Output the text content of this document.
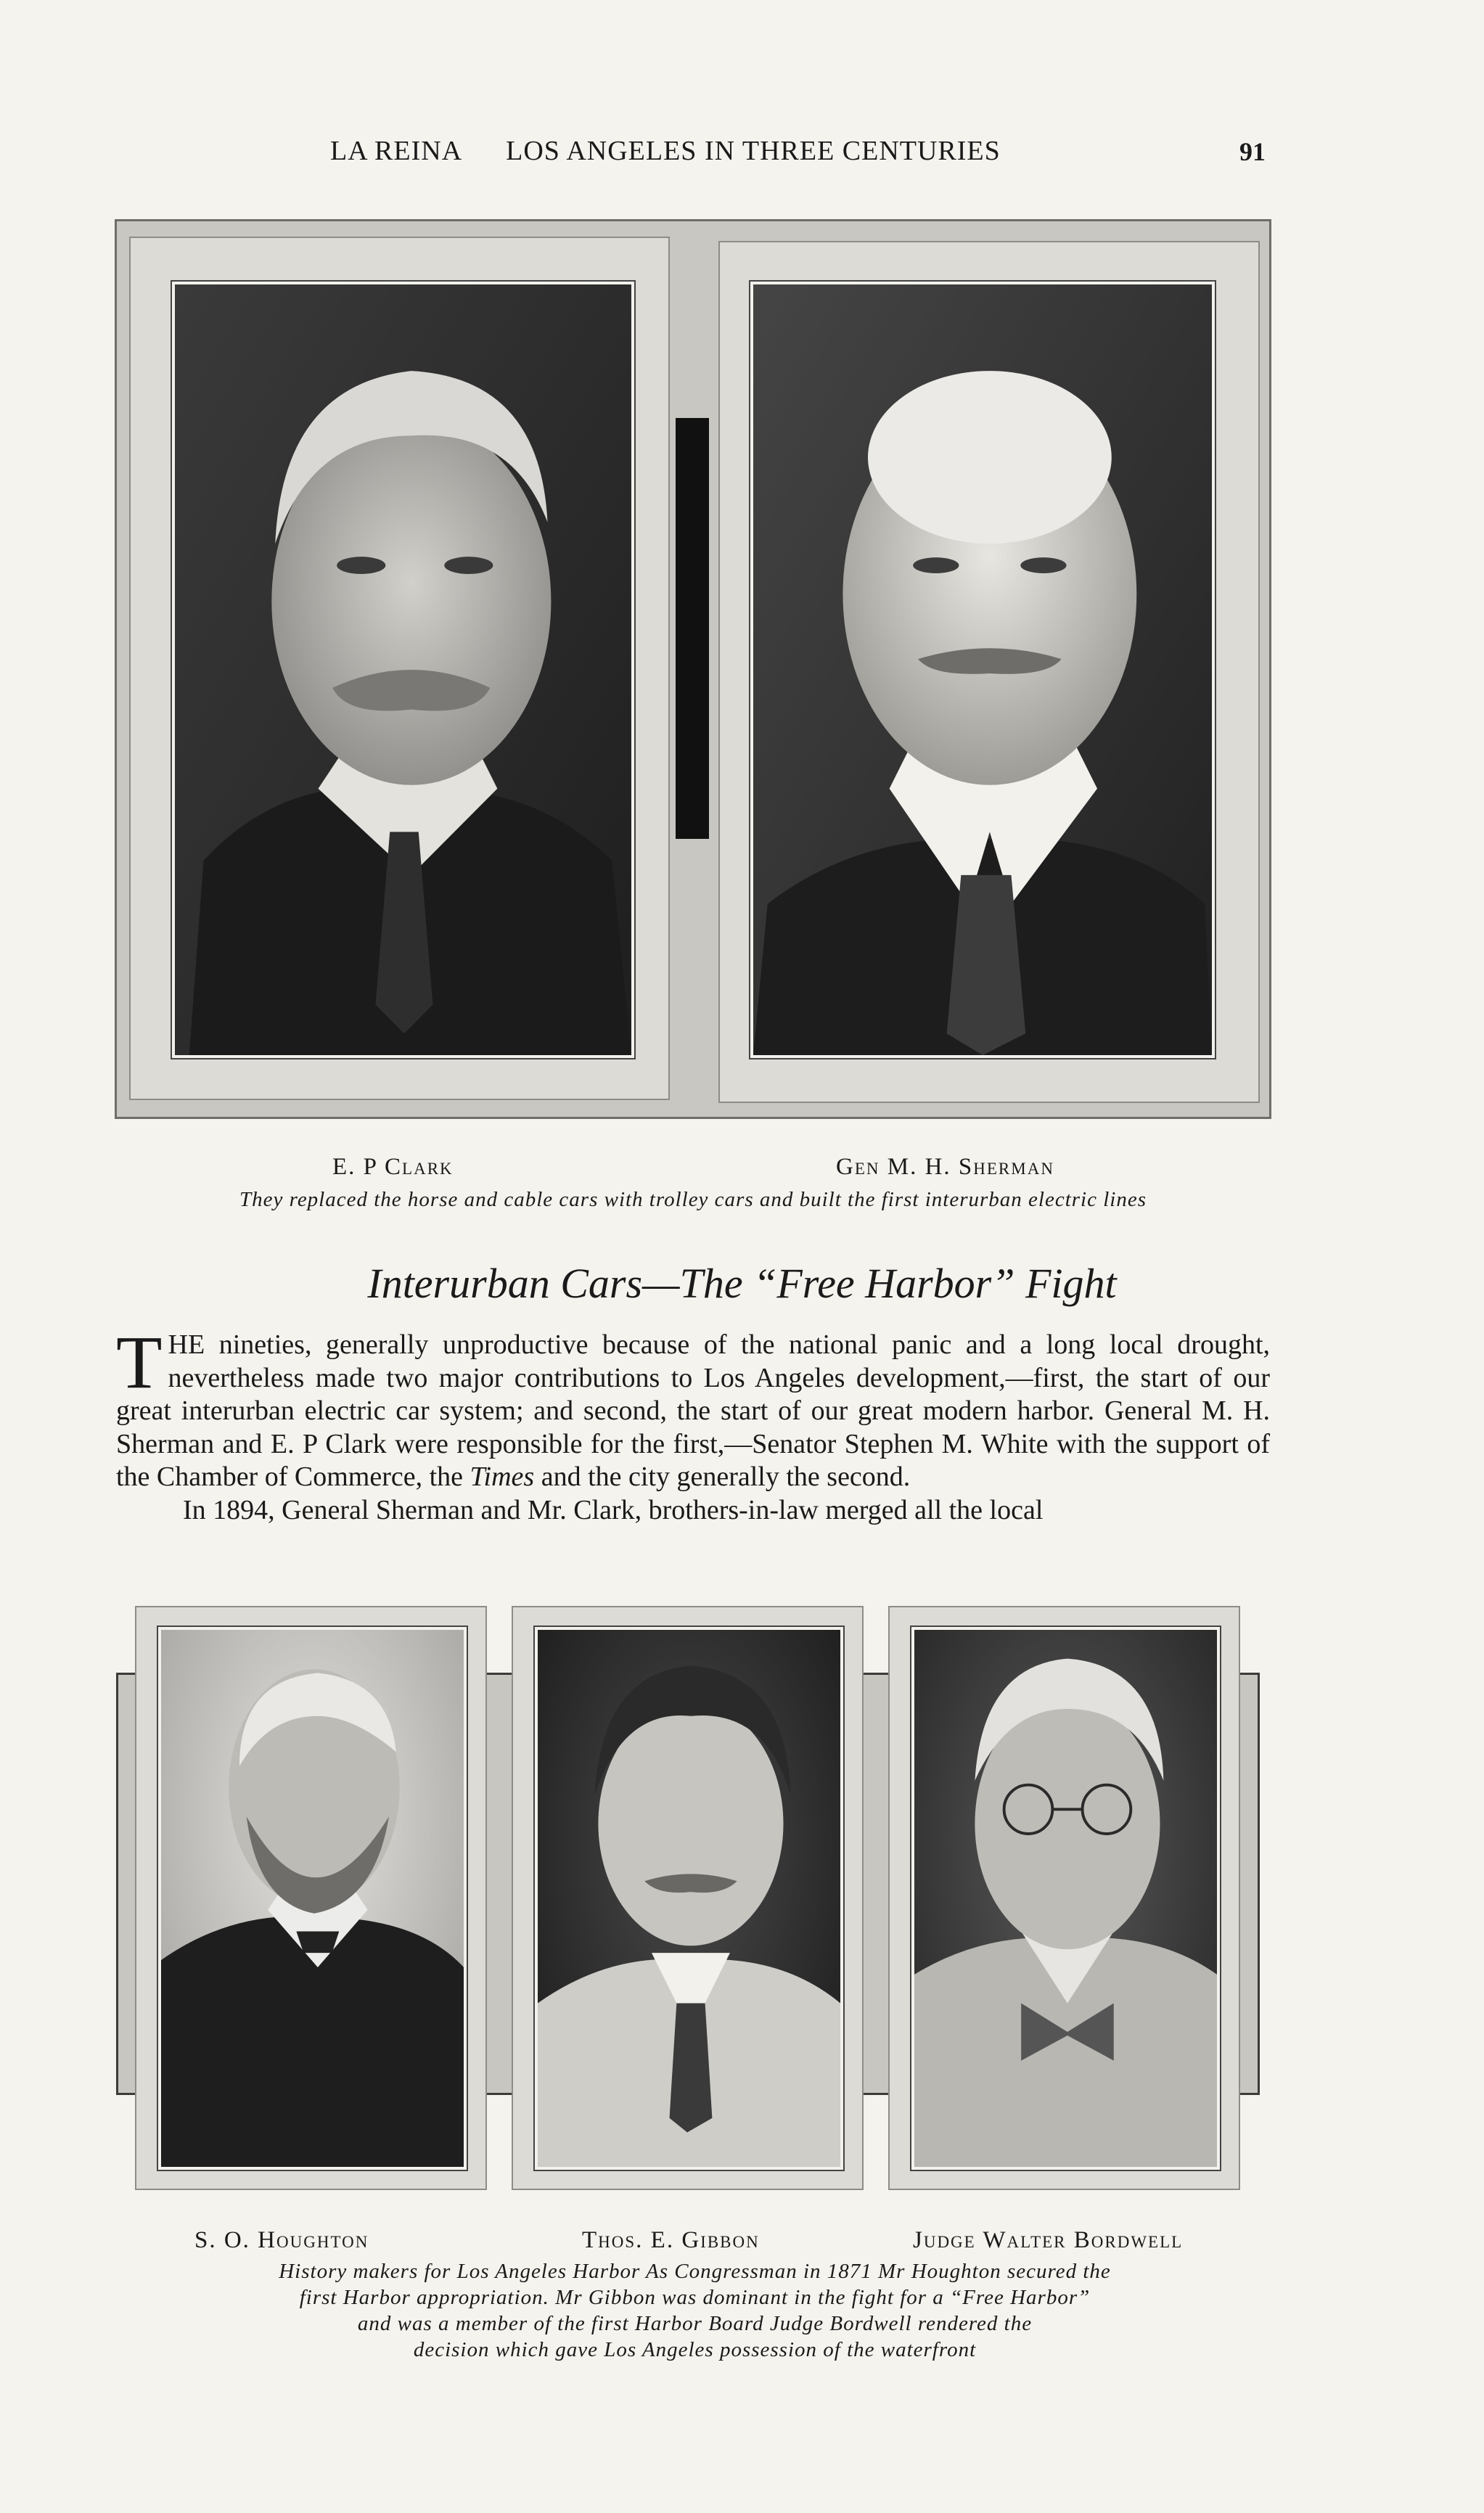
LA REINA LOS ANGELES IN THREE CENTURIES	91
E. P Clark	Gen M. H. Sherman
They replaced the horse and cable cars with trolley cars and built the first interurban electric lines
Interurban Cars—The “Free Harbor” Fight

THE nineties, generally unproductive because of the national panic and a long local drought, nevertheless made two major contributions to Los Angeles development,—first, the start of our great interurban electric car system; and second, the start of our great modern harbor. General M. H. Sherman and E. P Clark were responsible for the first,—Senator Stephen M. White with the support of the Chamber of Commerce, the Times and the city generally the second.

In 1894, General Sherman and Mr. Clark, brothers-in-law merged all the local

S. O. Houghton	Thos. E. Gibbon	Judge Walter Bordwell
History makers for Los Angeles Harbor As Congressman in 1871 Mr Houghton secured the
first Harbor appropriation. Mr Gibbon was dominant in the fight for a “Free Harbor”
and was a member of the first Harbor Board Judge Bordwell rendered the
decision which gave Los Angeles possession of the waterfront
